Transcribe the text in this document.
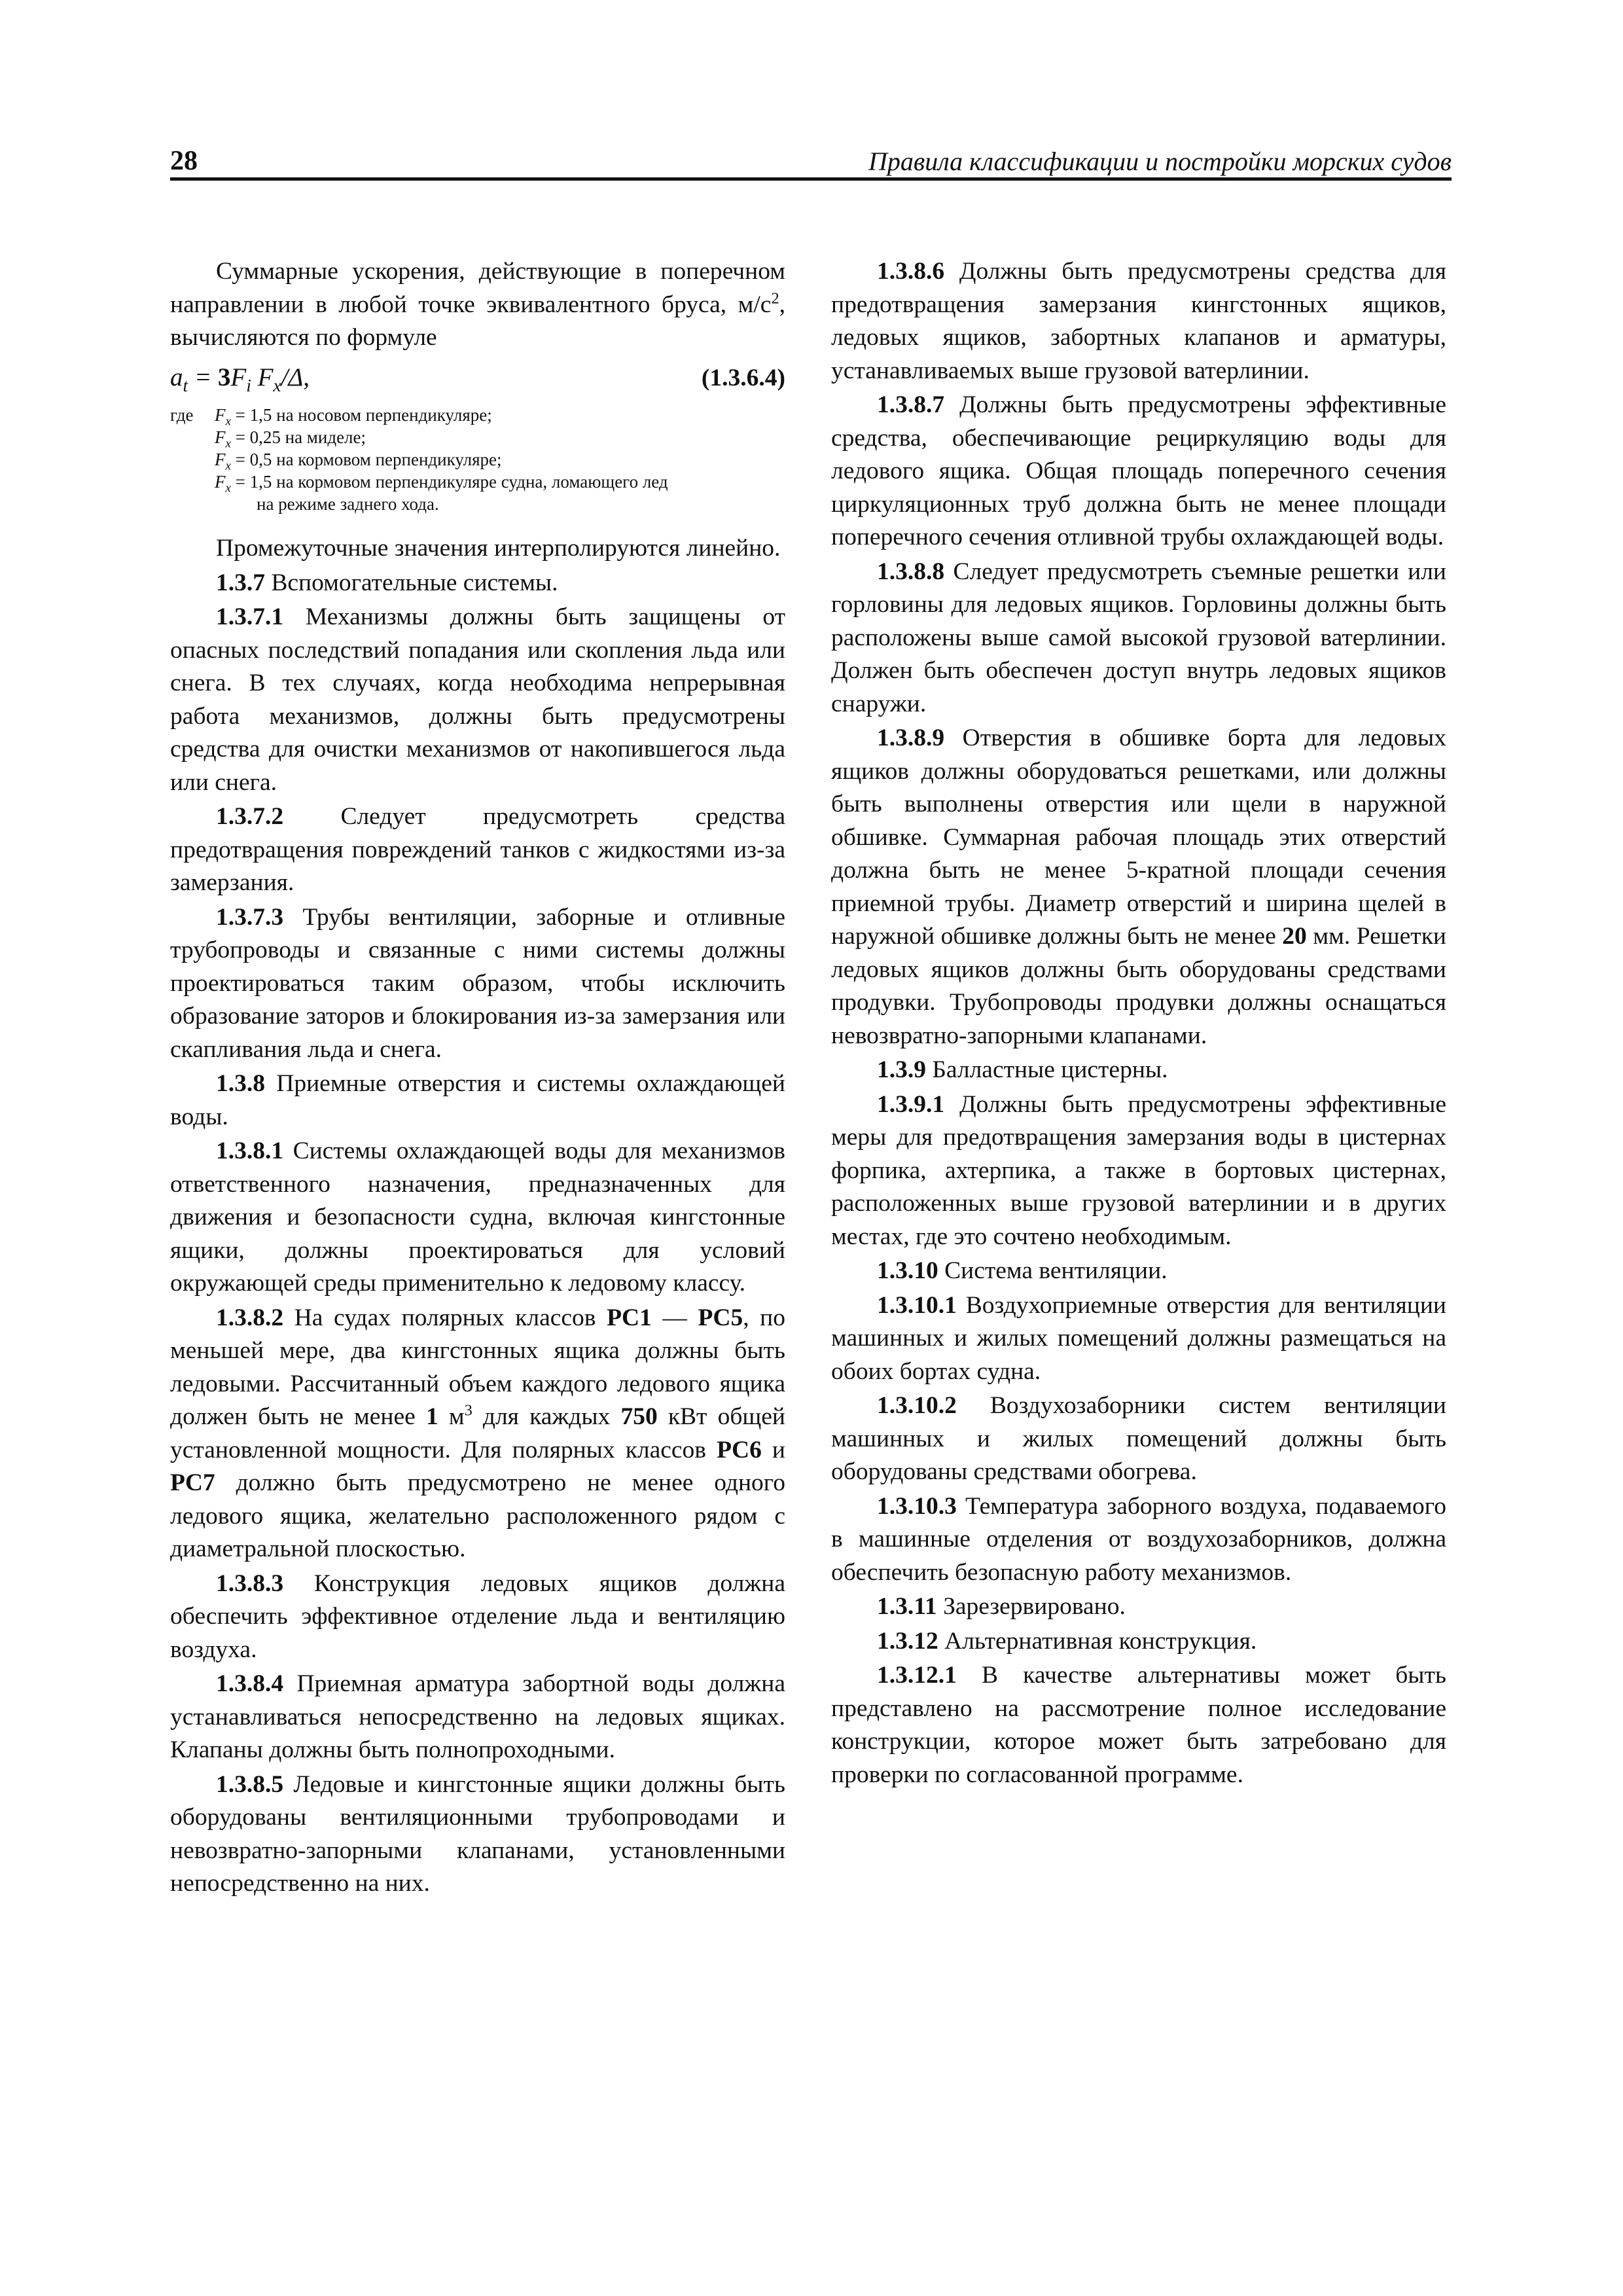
28	Правила классификации и постройки морских судов

Суммарные ускорения, действующие в поперечном направлении в любой точке эквивалентного бруса, $м/с^2$, вычисляются по формуле

$a_t = 3F_i$ $F_x/\Delta$,	(1.3.6.4)
где	$F_x = 1,5$ на носовом перпендикуляре;
$F_x = 0,25$ на миделе;
$F_x = 0,5$ на кормовом перпендикуляре;
$F_x = 1,5$ на кормовом перпендикуляре судна, ломающего лед
на режиме заднего хода.

Промежуточные значения интерполируются линейно.

1.3.7 Вспомогательные системы.

1.3.7.1 Механизмы должны быть защищены от опасных последствий попадания или скопления льда или снега. В тех случаях, когда необходима непрерывная работа механизмов, должны быть предусмотрены средства для очистки механизмов от накопившегося льда или снега.

1.3.7.2 Следует предусмотреть средства предотвращения повреждений танков с жидкостями из-за замерзания.

1.3.7.3 Трубы вентиляции, заборные и отливные трубопроводы и связанные с ними системы должны проектироваться таким образом, чтобы исключить образование заторов и блокирования из-за замерзания или скапливания льда и снега.

1.3.8 Приемные отверстия и системы охлаждающей воды.

1.3.8.1 Системы охлаждающей воды для механизмов ответственного назначения, предназначенных для движения и безопасности судна, включая кингстонные ящики, должны проектироваться для условий окружающей среды применительно к ледовому классу.

1.3.8.2 На судах полярных классов PC1 — PC5, по меньшей мере, два кингстонных ящика должны быть ледовыми. Рассчитанный объем каждого ледового ящика должен быть не менее 1 $м^3$ для каждых 750 кВт общей установленной мощности. Для полярных классов PC6 и PC7 должно быть предусмотрено не менее одного ледового ящика, желательно расположенного рядом с диаметральной плоскостью.

1.3.8.3 Конструкция ледовых ящиков должна обеспечить эффективное отделение льда и вентиляцию воздуха.

1.3.8.4 Приемная арматура забортной воды должна устанавливаться непосредственно на ледовых ящиках. Клапаны должны быть полнопроходными.

1.3.8.5 Ледовые и кингстонные ящики должны быть оборудованы вентиляционными трубопроводами и невозвратно-запорными клапанами, установленными непосредственно на них.

1.3.8.6 Должны быть предусмотрены средства для предотвращения замерзания кингстонных ящиков, ледовых ящиков, забортных клапанов и арматуры, устанавливаемых выше грузовой ватерлинии.

1.3.8.7 Должны быть предусмотрены эффективные средства, обеспечивающие рециркуляцию воды для ледового ящика. Общая площадь поперечного сечения циркуляционных труб должна быть не менее площади поперечного сечения отливной трубы охлаждающей воды.

1.3.8.8 Следует предусмотреть съемные решетки или горловины для ледовых ящиков. Горловины должны быть расположены выше самой высокой грузовой ватерлинии. Должен быть обеспечен доступ внутрь ледовых ящиков снаружи.

1.3.8.9 Отверстия в обшивке борта для ледовых ящиков должны оборудоваться решетками, или должны быть выполнены отверстия или щели в наружной обшивке. Суммарная рабочая площадь этих отверстий должна быть не менее 5-кратной площади сечения приемной трубы. Диаметр отверстий и ширина щелей в наружной обшивке должны быть не менее 20 мм. Решетки ледовых ящиков должны быть оборудованы средствами продувки. Трубопроводы продувки должны оснащаться невозвратно-запорными клапанами.

1.3.9 Балластные цистерны.

1.3.9.1 Должны быть предусмотрены эффективные меры для предотвращения замерзания воды в цистернах форпика, ахтерпика, а также в бортовых цистернах, расположенных выше грузовой ватерлинии и в других местах, где это сочтено необходимым.

1.3.10 Система вентиляции.

1.3.10.1 Воздухоприемные отверстия для вентиляции машинных и жилых помещений должны размещаться на обоих бортах судна.

1.3.10.2 Воздухозаборники систем вентиляции машинных и жилых помещений должны быть оборудованы средствами обогрева.

1.3.10.3 Температура заборного воздуха, подаваемого в машинные отделения от воздухозаборников, должна обеспечить безопасную работу механизмов.

1.3.11 Зарезервировано.

1.3.12 Альтернативная конструкция.

1.3.12.1 В качестве альтернативы может быть представлено на рассмотрение полное исследование конструкции, которое может быть затребовано для проверки по согласованной программе.
